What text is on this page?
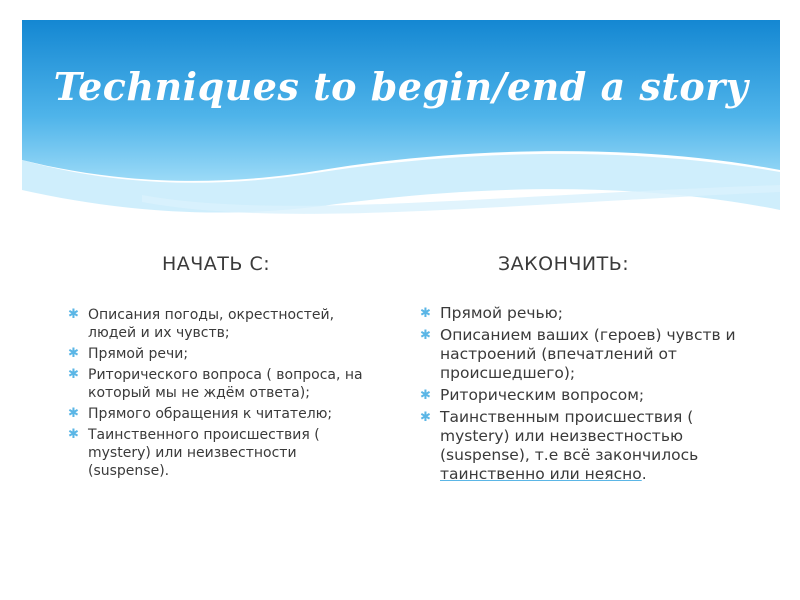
Techniques to begin/end a story
НАЧАТЬ С:	ЗАКОНЧИТЬ:
✱ Описания погоды, окрестностей, людей и их чувств;
✱ Прямой речи;
✱ Риторического вопроса ( вопроса, на который мы не ждём ответа);
✱ Прямого обращения к читателю;
✱ Таинственного происшествия ( mystery) или неизвестности (suspense).
✱ Прямой речью;
✱ Описанием ваших (героев) чувств и настроений (впечатлений от происшедшего);
✱ Риторическим вопросом;
✱ Таинственным происшествия ( mystery) или неизвестностью (suspense), т.е всё закончилось таинственно или неясно.
